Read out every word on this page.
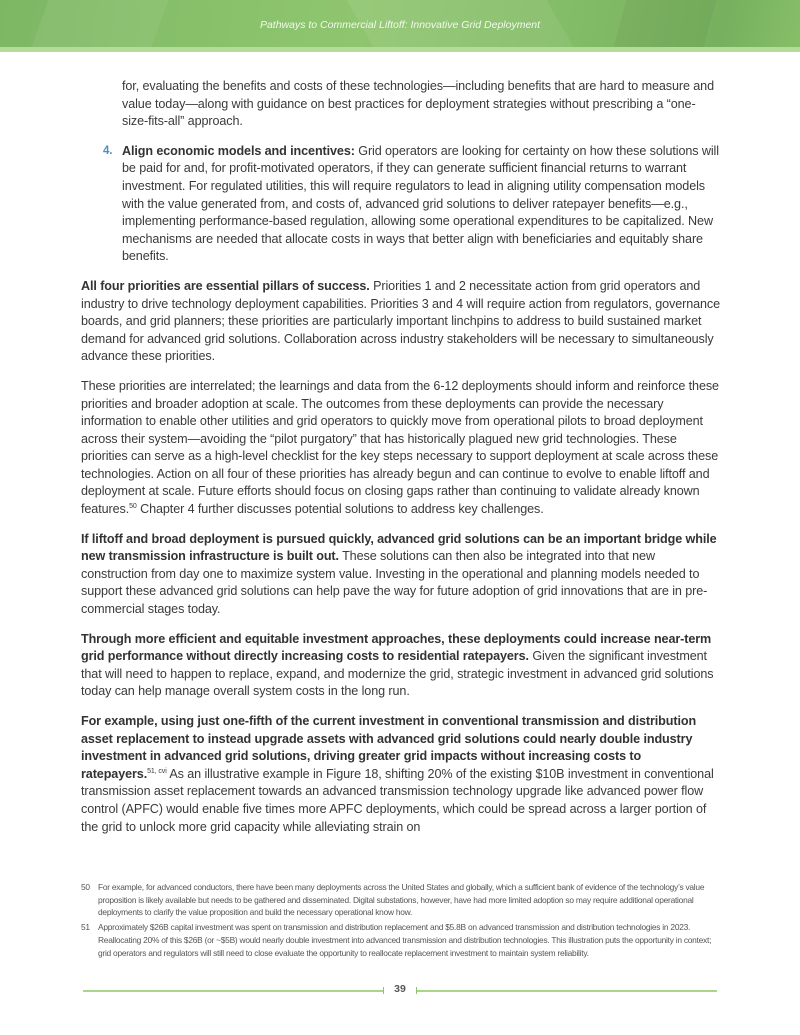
Pathways to Commercial Liftoff: Innovative Grid Deployment

for, evaluating the benefits and costs of these technologies—including benefits that are hard to measure and value today—along with guidance on best practices for deployment strategies without prescribing a “one-size-fits-all” approach.

4. Align economic models and incentives: Grid operators are looking for certainty on how these solutions will be paid for and, for profit-motivated operators, if they can generate sufficient financial returns to warrant investment. For regulated utilities, this will require regulators to lead in aligning utility compensation models with the value generated from, and costs of, advanced grid solutions to deliver ratepayer benefits—e.g., implementing performance-based regulation, allowing some operational expenditures to be capitalized. New mechanisms are needed that allocate costs in ways that better align with beneficiaries and equitably share benefits.

All four priorities are essential pillars of success. Priorities 1 and 2 necessitate action from grid operators and industry to drive technology deployment capabilities. Priorities 3 and 4 will require action from regulators, governance boards, and grid planners; these priorities are particularly important linchpins to address to build sustained market demand for advanced grid solutions. Collaboration across industry stakeholders will be necessary to simultaneously advance these priorities.

These priorities are interrelated; the learnings and data from the 6-12 deployments should inform and reinforce these priorities and broader adoption at scale. The outcomes from these deployments can provide the necessary information to enable other utilities and grid operators to quickly move from operational pilots to broad deployment across their system—avoiding the “pilot purgatory” that has historically plagued new grid technologies. These priorities can serve as a high-level checklist for the key steps necessary to support deployment at scale across these technologies. Action on all four of these priorities has already begun and can continue to evolve to enable liftoff and deployment at scale. Future efforts should focus on closing gaps rather than continuing to validate already known features.$^{50}$ Chapter 4 further discusses potential solutions to address key challenges.

If liftoff and broad deployment is pursued quickly, advanced grid solutions can be an important bridge while new transmission infrastructure is built out. These solutions can then also be integrated into that new construction from day one to maximize system value. Investing in the operational and planning models needed to support these advanced grid solutions can help pave the way for future adoption of grid innovations that are in pre-commercial stages today.

Through more efficient and equitable investment approaches, these deployments could increase near-term grid performance without directly increasing costs to residential ratepayers. Given the significant investment that will need to happen to replace, expand, and modernize the grid, strategic investment in advanced grid solutions today can help manage overall system costs in the long run.

For example, using just one-fifth of the current investment in conventional transmission and distribution asset replacement to instead upgrade assets with advanced grid solutions could nearly double industry investment in advanced grid solutions, driving greater grid impacts without increasing costs to ratepayers.$^{51, cvi}$ As an illustrative example in Figure 18, shifting 20% of the existing $10B investment in conventional transmission asset replacement towards an advanced transmission technology upgrade like advanced power flow control (APFC) would enable five times more APFC deployments, which could be spread across a larger portion of the grid to unlock more grid capacity while alleviating strain on

50 For example, for advanced conductors, there have been many deployments across the United States and globally, which a sufficient bank of evidence of the technology’s value proposition is likely available but needs to be gathered and disseminated. Digital substations, however, have had more limited adoption so may require additional operational deployments to clarify the value proposition and build the necessary operational know how.
51 Approximately $26B capital investment was spent on transmission and distribution replacement and $5.8B on advanced transmission and distribution technologies in 2023. Reallocating 20% of this $26B (or ~$5B) would nearly double investment into advanced transmission and distribution technologies. This illustration puts the opportunity in context; grid operators and regulators will still need to close evaluate the opportunity to reallocate replacement investment to maintain system reliability.
39
